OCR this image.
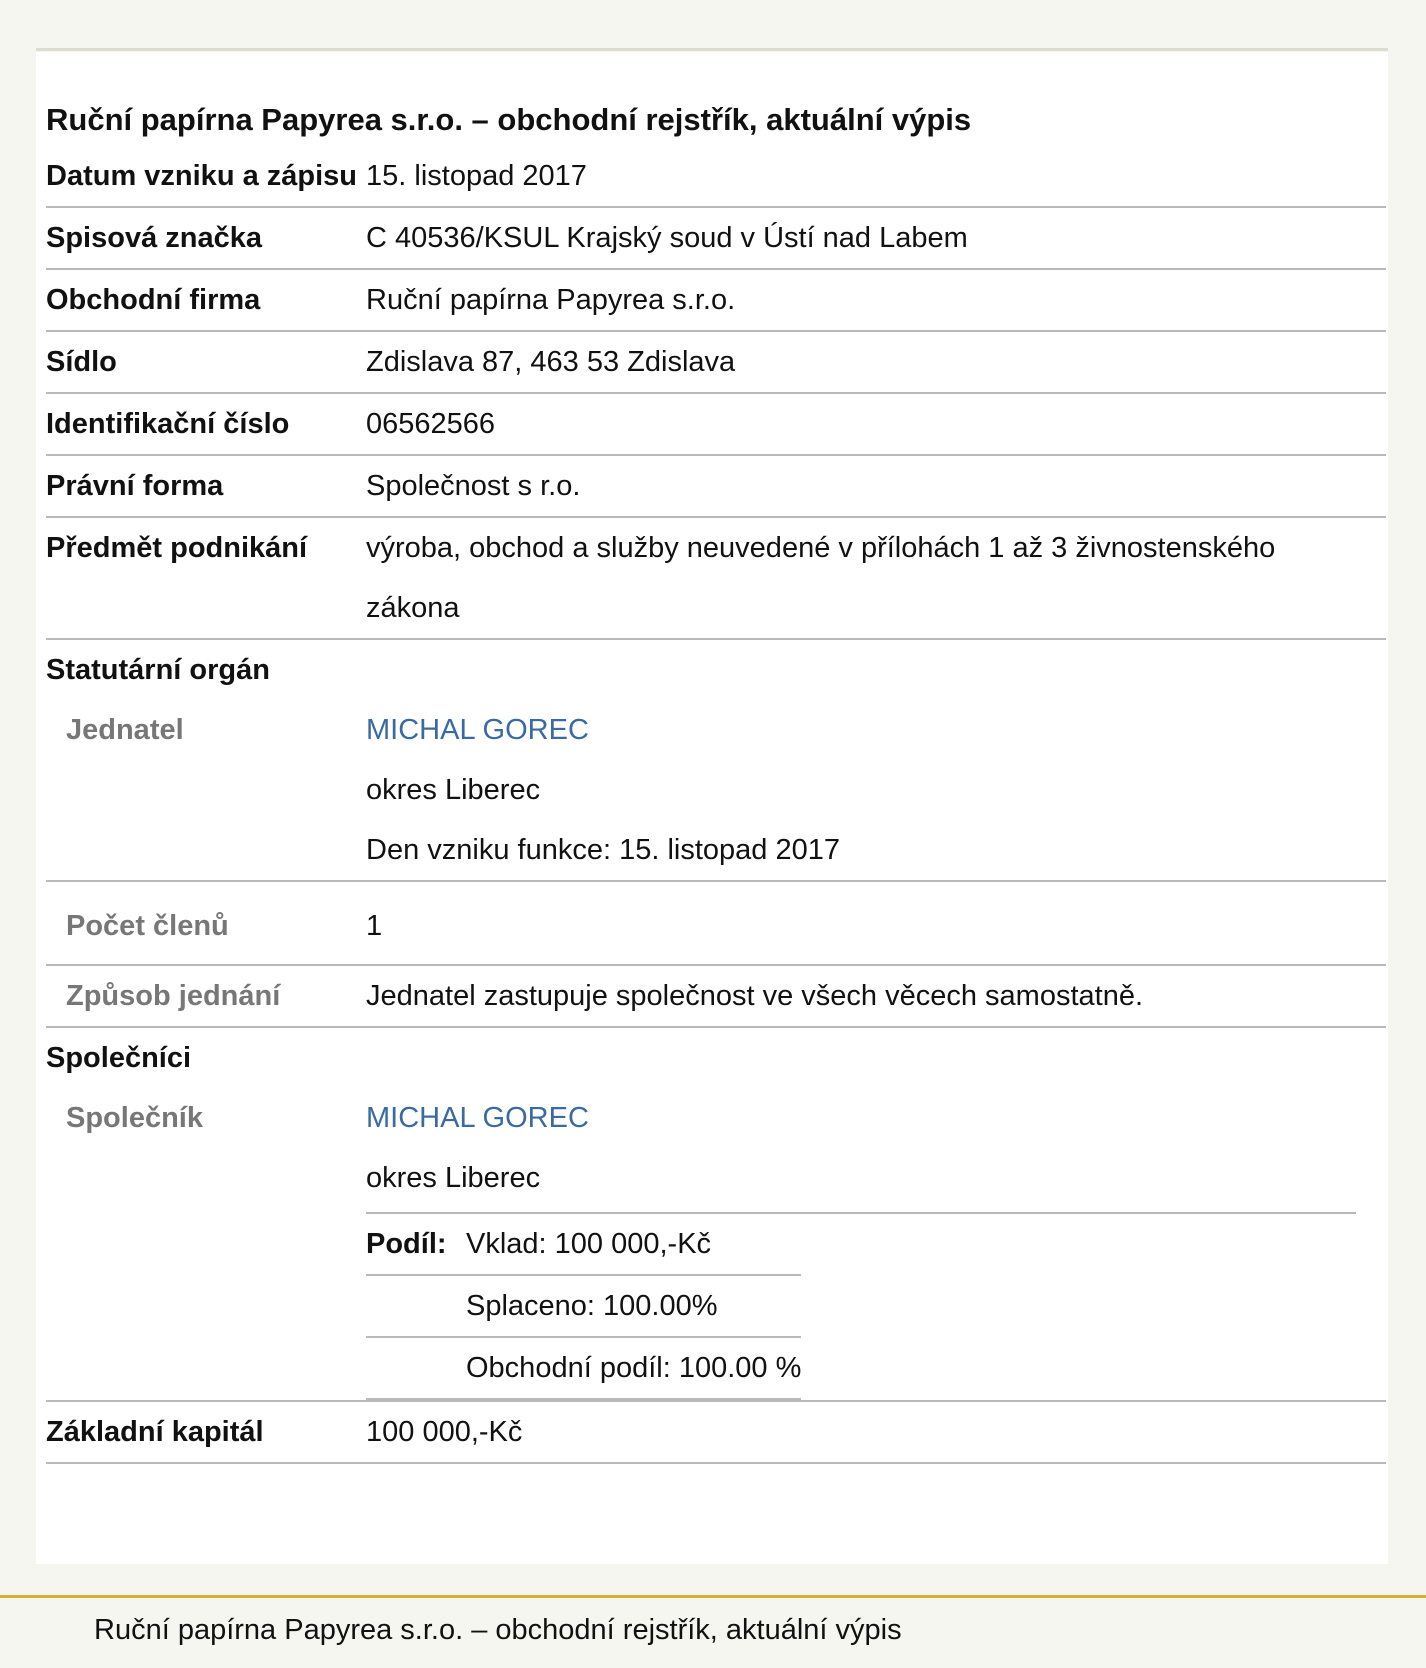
Ruční papírna Papyrea s.r.o. – obchodní rejstřík, aktuální výpis
Datum vzniku a zápisu	15. listopad 2017
Spisová značka	C 40536/KSUL Krajský soud v Ústí nad Labem
Obchodní firma	Ruční papírna Papyrea s.r.o.
Sídlo	Zdislava 87, 463 53 Zdislava
Identifikační číslo	06562566
Právní forma	Společnost s r.o.
Předmět podnikání	výroba, obchod a služby neuvedené v přílohách 1 až 3 živnostenského zákona
Statutární orgán
Jednatel	MICHAL GOREC
okres Liberec
Den vzniku funkce: 15. listopad 2017

Počet členů	1
Způsob jednání	Jednatel zastupuje společnost ve všech věcech samostatně.
Společníci
Společník	MICHAL GOREC
okres Liberec
Podíl:	Vklad: 100 000,-Kč
	Splaceno: 100.00%
	Obchodní podíl: 100.00 %

Základní kapitál	100 000,-Kč
Ruční papírna Papyrea s.r.o. – obchodní rejstřík, aktuální výpis
